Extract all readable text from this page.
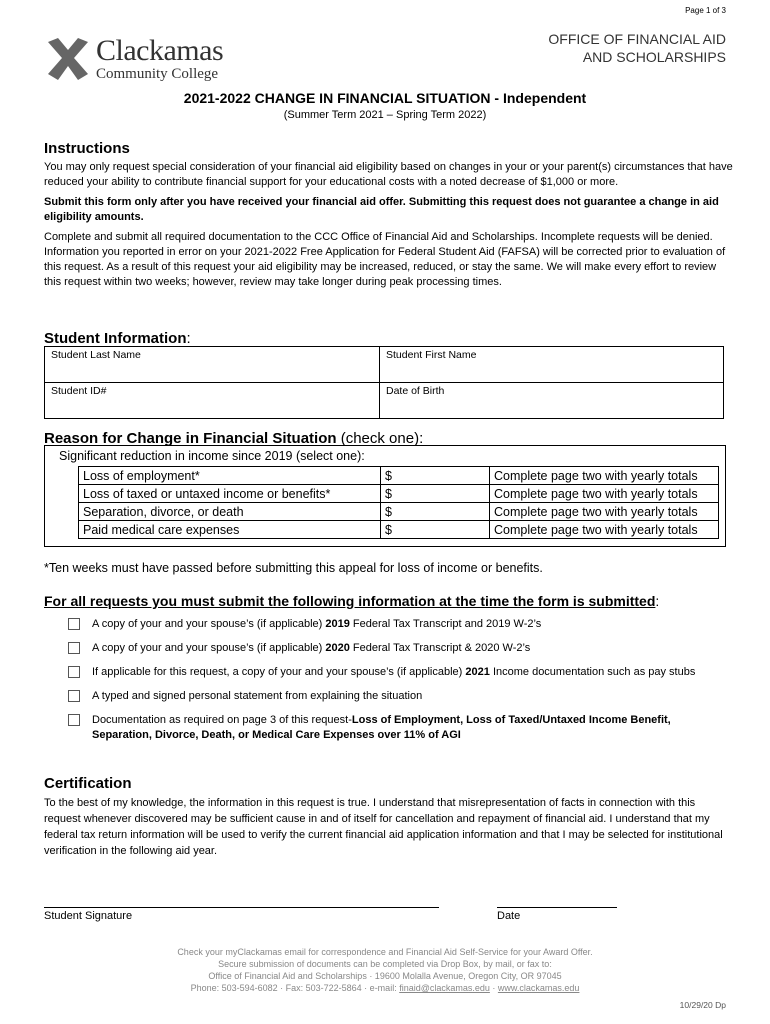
Page 1 of 3
Clackamas
Community College
OFFICE OF FINANCIAL AID
AND SCHOLARSHIPS
2021-2022 CHANGE IN FINANCIAL SITUATION - Independent
(Summer Term 2021 – Spring Term 2022)
Instructions
You may only request special consideration of your financial aid eligibility based on changes in your or your parent(s) circumstances that have reduced your ability to contribute financial support for your educational costs with a noted decrease of $1,000 or more.
Submit this form only after you have received your financial aid offer. Submitting this request does not guarantee a change in aid eligibility amounts.
Complete and submit all required documentation to the CCC Office of Financial Aid and Scholarships. Incomplete requests will be denied. Information you reported in error on your 2021-2022 Free Application for Federal Student Aid (FAFSA) will be corrected prior to evaluation of this request. As a result of this request your aid eligibility may be increased, reduced, or stay the same. We will make every effort to review this request within two weeks; however, review may take longer during peak processing times.
Student Information:
Student Last Name	Student First Name
Student ID#	Date of Birth
Reason for Change in Financial Situation (check one):
Significant reduction in income since 2019 (select one):
Loss of employment*	$	Complete page two with yearly totals
Loss of taxed or untaxed income or benefits*	$	Complete page two with yearly totals
Separation, divorce, or death	$	Complete page two with yearly totals
Paid medical care expenses	$	Complete page two with yearly totals
*Ten weeks must have passed before submitting this appeal for loss of income or benefits.
For all requests you must submit the following information at the time the form is submitted:
A copy of your and your spouse’s (if applicable) 2019 Federal Tax Transcript and 2019 W-2’s
A copy of your and your spouse’s (if applicable) 2020 Federal Tax Transcript & 2020 W-2’s
If applicable for this request, a copy of your and your spouse’s (if applicable) 2021 Income documentation such as pay stubs
A typed and signed personal statement from explaining the situation
Documentation as required on page 3 of this request-Loss of Employment, Loss of Taxed/Untaxed Income Benefit, Separation, Divorce, Death, or Medical Care Expenses over 11% of AGI
Certification
To the best of my knowledge, the information in this request is true. I understand that misrepresentation of facts in connection with this request whenever discovered may be sufficient cause in and of itself for cancellation and repayment of financial aid. I understand that my federal tax return information will be used to verify the current financial aid application information and that I may be selected for institutional verification in the following aid year.
Student Signature	Date
Check your myClackamas email for correspondence and Financial Aid Self-Service for your Award Offer.
Secure submission of documents can be completed via Drop Box, by mail, or fax to:
Office of Financial Aid and Scholarships · 19600 Molalla Avenue, Oregon City, OR 97045
Phone: 503-594-6082 · Fax: 503-722-5864 · e-mail: finaid@clackamas.edu · www.clackamas.edu
10/29/20 Dp
